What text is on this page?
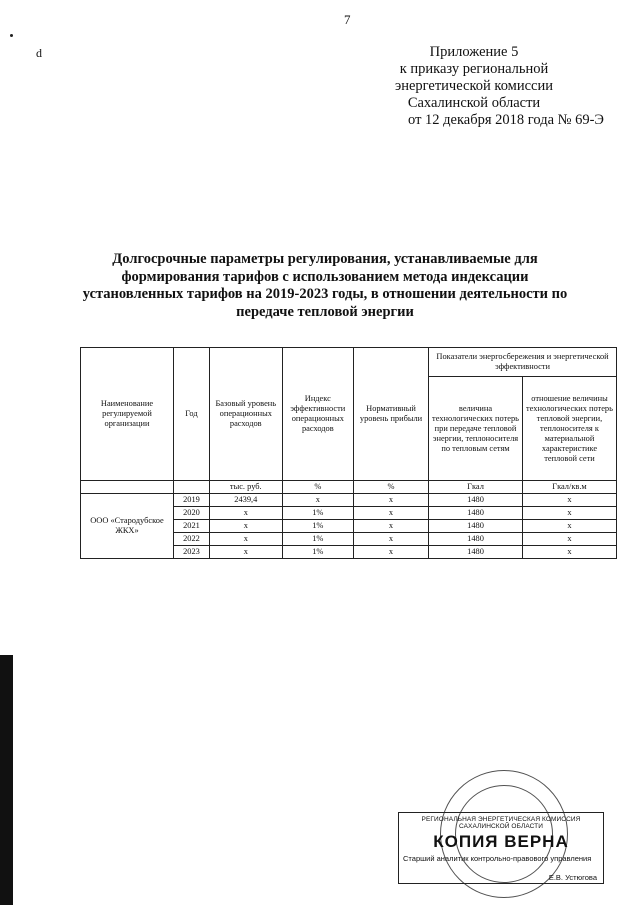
7
d	Приложение 5
к приказу региональной
энергетической комиссии
Сахалинской области
от 12 декабря 2018 года № 69-Э
Долгосрочные параметры регулирования, устанавливаемые для формирования тарифов с использованием метода индексации установленных тарифов на 2019-2023 годы, в отношении деятельности по передаче тепловой энергии
Наименование регулируемой организации	Год	Базовый уровень операционных расходов	Индекс эффективности операционных расходов	Нормативный уровень прибыли	Показатели энергосбережения и энергетической эффективности	
					величина технологических потерь при передаче тепловой энергии, теплоносителя по тепловым сетям	отношение величины технологических потерь тепловой энергии, теплоносителя к материальной характеристике тепловой сети
		тыс. руб.	%	%	Гкал	Гкал/кв.м
ООО «Стародубское ЖКХ»	2019	2439,4	x	x	1480	x
	2020	x	1%	x	1480	x
	2021	x	1%	x	1480	x
	2022	x	1%	x	1480	x
	2023	x	1%	x	1480	x
РЕГИОНАЛЬНАЯ ЭНЕРГЕТИЧЕСКАЯ КОМИССИЯ САХАЛИНСКОЙ ОБЛАСТИ
КОПИЯ ВЕРНА
Старший аналитик контрольно-правового управления
Е.В. Устюгова
